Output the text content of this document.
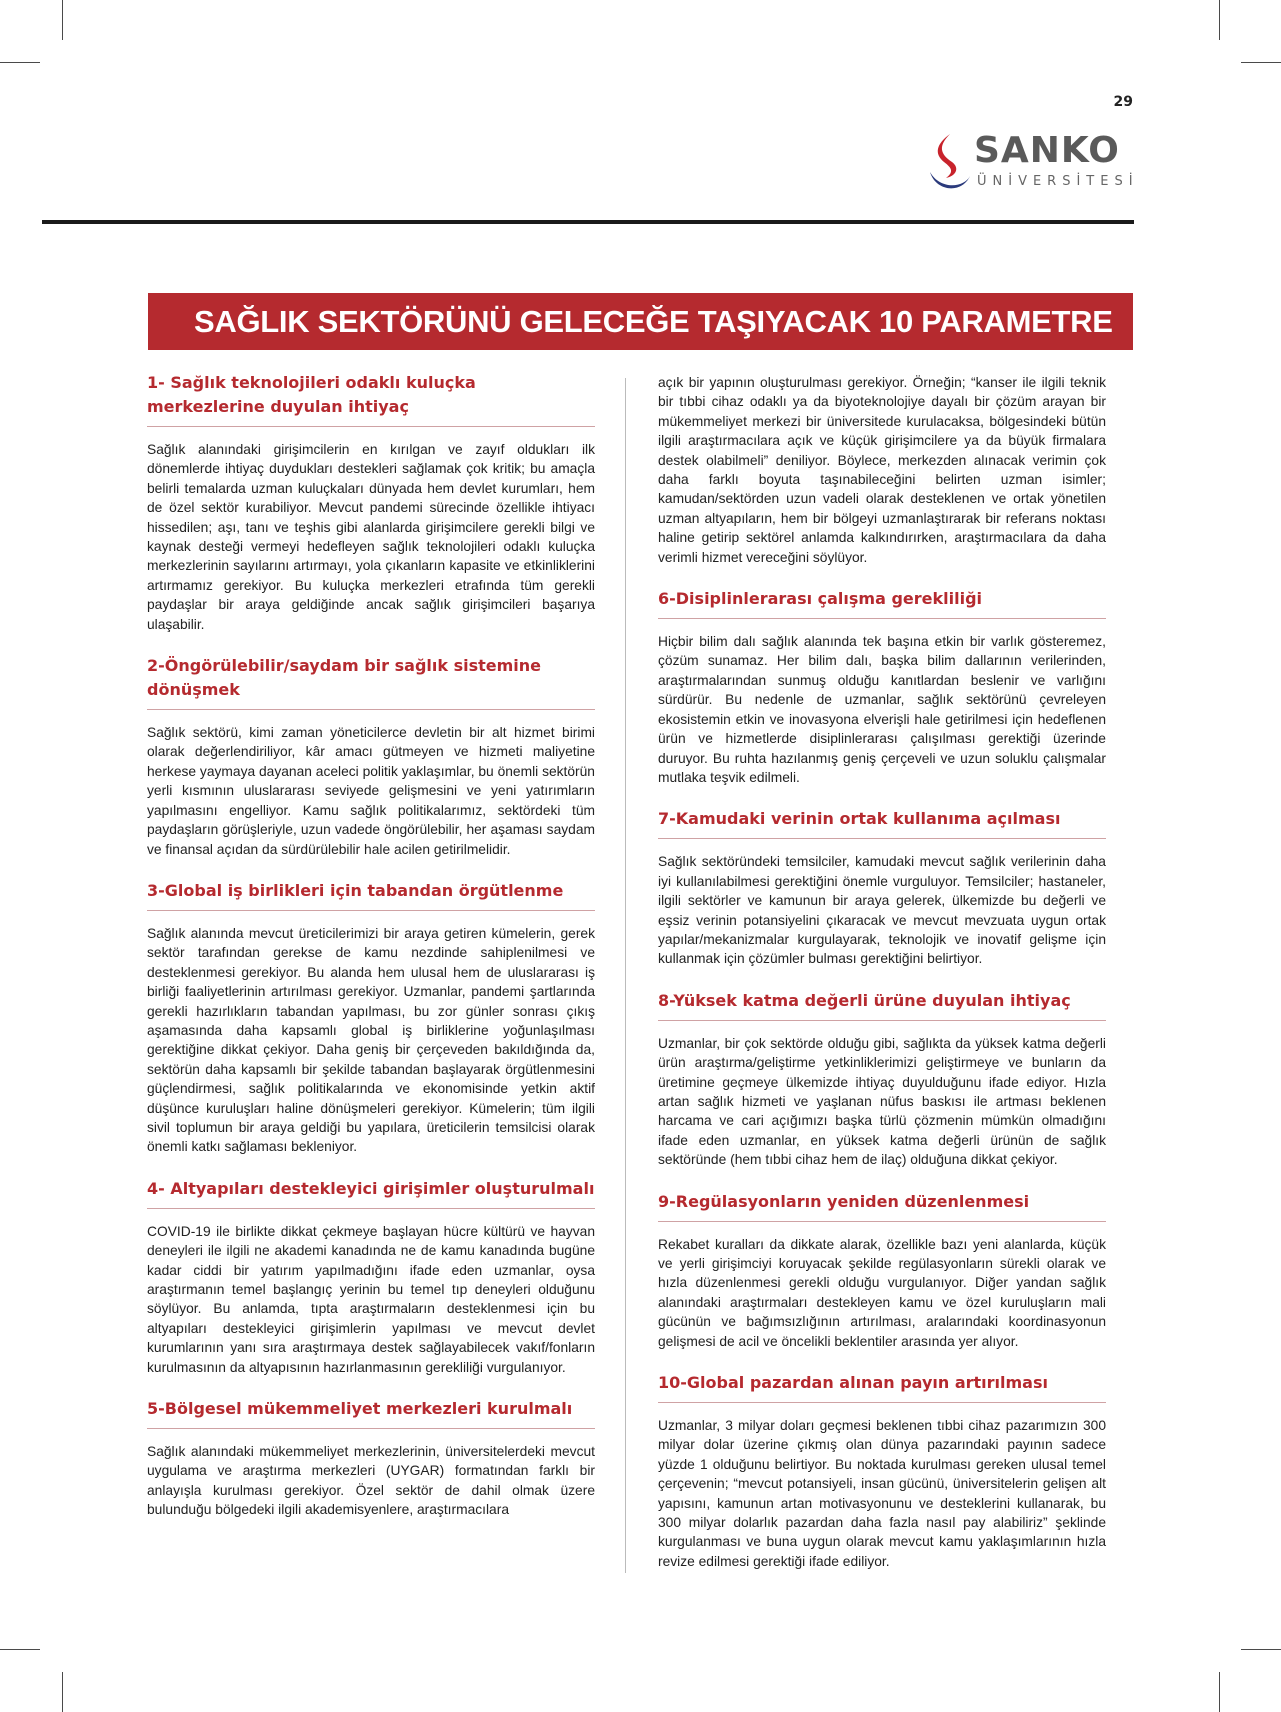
29
SANKO
ÜNİVERSİTESİ
SAĞLIK SEKTÖRÜNÜ GELECEĞE TAŞIYACAK 10 PARAMETRE
1- Sağlık teknolojileri odaklı kuluçka merkezlerine duyulan ihtiyaç
Sağlık alanındaki girişimcilerin en kırılgan ve zayıf oldukları ilk dönemlerde ihtiyaç duydukları destekleri sağlamak çok kritik; bu amaçla belirli temalarda uzman kuluçkaları dünyada hem devlet kurumları, hem de özel sektör kurabiliyor. Mevcut pandemi sürecinde özellikle ihtiyacı hissedilen; aşı, tanı ve teşhis gibi alanlarda girişimcilere gerekli bilgi ve kaynak desteği vermeyi hedefleyen sağlık teknolojileri odaklı kuluçka merkezlerinin sayılarını artırmayı, yola çıkanların kapasite ve etkinliklerini artırmamız gerekiyor. Bu kuluçka merkezleri etrafında tüm gerekli paydaşlar bir araya geldiğinde ancak sağlık girişimcileri başarıya ulaşabilir.
2-Öngörülebilir/saydam bir sağlık sistemine dönüşmek
Sağlık sektörü, kimi zaman yöneticilerce devletin bir alt hizmet birimi olarak değerlendiriliyor, kâr amacı gütmeyen ve hizmeti maliyetine herkese yaymaya dayanan aceleci politik yaklaşımlar, bu önemli sektörün yerli kısmının uluslararası seviyede gelişmesini ve yeni yatırımların yapılmasını engelliyor. Kamu sağlık politikalarımız, sektördeki tüm paydaşların görüşleriyle, uzun vadede öngörülebilir, her aşaması saydam ve finansal açıdan da sürdürülebilir hale acilen getirilmelidir.
3-Global iş birlikleri için tabandan örgütlenme
Sağlık alanında mevcut üreticilerimizi bir araya getiren kümelerin, gerek sektör tarafından gerekse de kamu nezdinde sahiplenilmesi ve desteklenmesi gerekiyor. Bu alanda hem ulusal hem de uluslararası iş birliği faaliyetlerinin artırılması gerekiyor. Uzmanlar, pandemi şartlarında gerekli hazırlıkların tabandan yapılması, bu zor günler sonrası çıkış aşamasında daha kapsamlı global iş birliklerine yoğunlaşılması gerektiğine dikkat çekiyor. Daha geniş bir çerçeveden bakıldığında da, sektörün daha kapsamlı bir şekilde tabandan başlayarak örgütlenmesini güçlendirmesi, sağlık politikalarında ve ekonomisinde yetkin aktif düşünce kuruluşları haline dönüşmeleri gerekiyor. Kümelerin; tüm ilgili sivil toplumun bir araya geldiği bu yapılara, üreticilerin temsilcisi olarak önemli katkı sağlaması bekleniyor.
4- Altyapıları destekleyici girişimler oluşturulmalı
COVID-19 ile birlikte dikkat çekmeye başlayan hücre kültürü ve hayvan deneyleri ile ilgili ne akademi kanadında ne de kamu kanadında bugüne kadar ciddi bir yatırım yapılmadığını ifade eden uzmanlar, oysa araştırmanın temel başlangıç yerinin bu temel tıp deneyleri olduğunu söylüyor. Bu anlamda, tıpta araştırmaların desteklenmesi için bu altyapıları destekleyici girişimlerin yapılması ve mevcut devlet kurumlarının yanı sıra araştırmaya destek sağlayabilecek vakıf/fonların kurulmasının da altyapısının hazırlanmasının gerekliliği vurgulanıyor.
5-Bölgesel mükemmeliyet merkezleri kurulmalı
Sağlık alanındaki mükemmeliyet merkezlerinin, üniversitelerdeki mevcut uygulama ve araştırma merkezleri (UYGAR) formatından farklı bir anlayışla kurulması gerekiyor. Özel sektör de dahil olmak üzere bulunduğu bölgedeki ilgili akademisyenlere, araştırmacılara
açık bir yapının oluşturulması gerekiyor. Örneğin; “kanser ile ilgili teknik bir tıbbi cihaz odaklı ya da biyoteknolojiye dayalı bir çözüm arayan bir mükemmeliyet merkezi bir üniversitede kurulacaksa, bölgesindeki bütün ilgili araştırmacılara açık ve küçük girişimcilere ya da büyük firmalara destek olabilmeli” deniliyor. Böylece, merkezden alınacak verimin çok daha farklı boyuta taşınabileceğini belirten uzman isimler; kamudan/sektörden uzun vadeli olarak desteklenen ve ortak yönetilen uzman altyapıların, hem bir bölgeyi uzmanlaştırarak bir referans noktası haline getirip sektörel anlamda kalkındırırken, araştırmacılara da daha verimli hizmet vereceğini söylüyor.
6-Disiplinlerarası çalışma gerekliliği
Hiçbir bilim dalı sağlık alanında tek başına etkin bir varlık gösteremez, çözüm sunamaz. Her bilim dalı, başka bilim dallarının verilerinden, araştırmalarından sunmuş olduğu kanıtlardan beslenir ve varlığını sürdürür. Bu nedenle de uzmanlar, sağlık sektörünü çevreleyen ekosistemin etkin ve inovasyona elverişli hale getirilmesi için hedeflenen ürün ve hizmetlerde disiplinlerarası çalışılması gerektiği üzerinde duruyor. Bu ruhta hazılanmış geniş çerçeveli ve uzun soluklu çalışmalar mutlaka teşvik edilmeli.
7-Kamudaki verinin ortak kullanıma açılması
Sağlık sektöründeki temsilciler, kamudaki mevcut sağlık verilerinin daha iyi kullanılabilmesi gerektiğini önemle vurguluyor. Temsilciler; hastaneler, ilgili sektörler ve kamunun bir araya gelerek, ülkemizde bu değerli ve eşsiz verinin potansiyelini çıkaracak ve mevcut mevzuata uygun ortak yapılar/mekanizmalar kurgulayarak, teknolojik ve inovatif gelişme için kullanmak için çözümler bulması gerektiğini belirtiyor.
8-Yüksek katma değerli ürüne duyulan ihtiyaç
Uzmanlar, bir çok sektörde olduğu gibi, sağlıkta da yüksek katma değerli ürün araştırma/geliştirme yetkinliklerimizi geliştirmeye ve bunların da üretimine geçmeye ülkemizde ihtiyaç duyulduğunu ifade ediyor. Hızla artan sağlık hizmeti ve yaşlanan nüfus baskısı ile artması beklenen harcama ve cari açığımızı başka türlü çözmenin mümkün olmadığını ifade eden uzmanlar, en yüksek katma değerli ürünün de sağlık sektöründe (hem tıbbi cihaz hem de ilaç) olduğuna dikkat çekiyor.
9-Regülasyonların yeniden düzenlenmesi
Rekabet kuralları da dikkate alarak, özellikle bazı yeni alanlarda, küçük ve yerli girişimciyi koruyacak şekilde regülasyonların sürekli olarak ve hızla düzenlenmesi gerekli olduğu vurgulanıyor. Diğer yandan sağlık alanındaki araştırmaları destekleyen kamu ve özel kuruluşların mali gücünün ve bağımsızlığının artırılması, aralarındaki koordinasyonun gelişmesi de acil ve öncelikli beklentiler arasında yer alıyor.
10-Global pazardan alınan payın artırılması
Uzmanlar, 3 milyar doları geçmesi beklenen tıbbi cihaz pazarımızın 300 milyar dolar üzerine çıkmış olan dünya pazarındaki payının sadece yüzde 1 olduğunu belirtiyor. Bu noktada kurulması gereken ulusal temel çerçevenin; “mevcut potansiyeli, insan gücünü, üniversitelerin gelişen alt yapısını, kamunun artan motivasyonunu ve desteklerini kullanarak, bu 300 milyar dolarlık pazardan daha fazla nasıl pay alabiliriz” şeklinde kurgulanması ve buna uygun olarak mevcut kamu yaklaşımlarının hızla revize edilmesi gerektiği ifade ediliyor.
